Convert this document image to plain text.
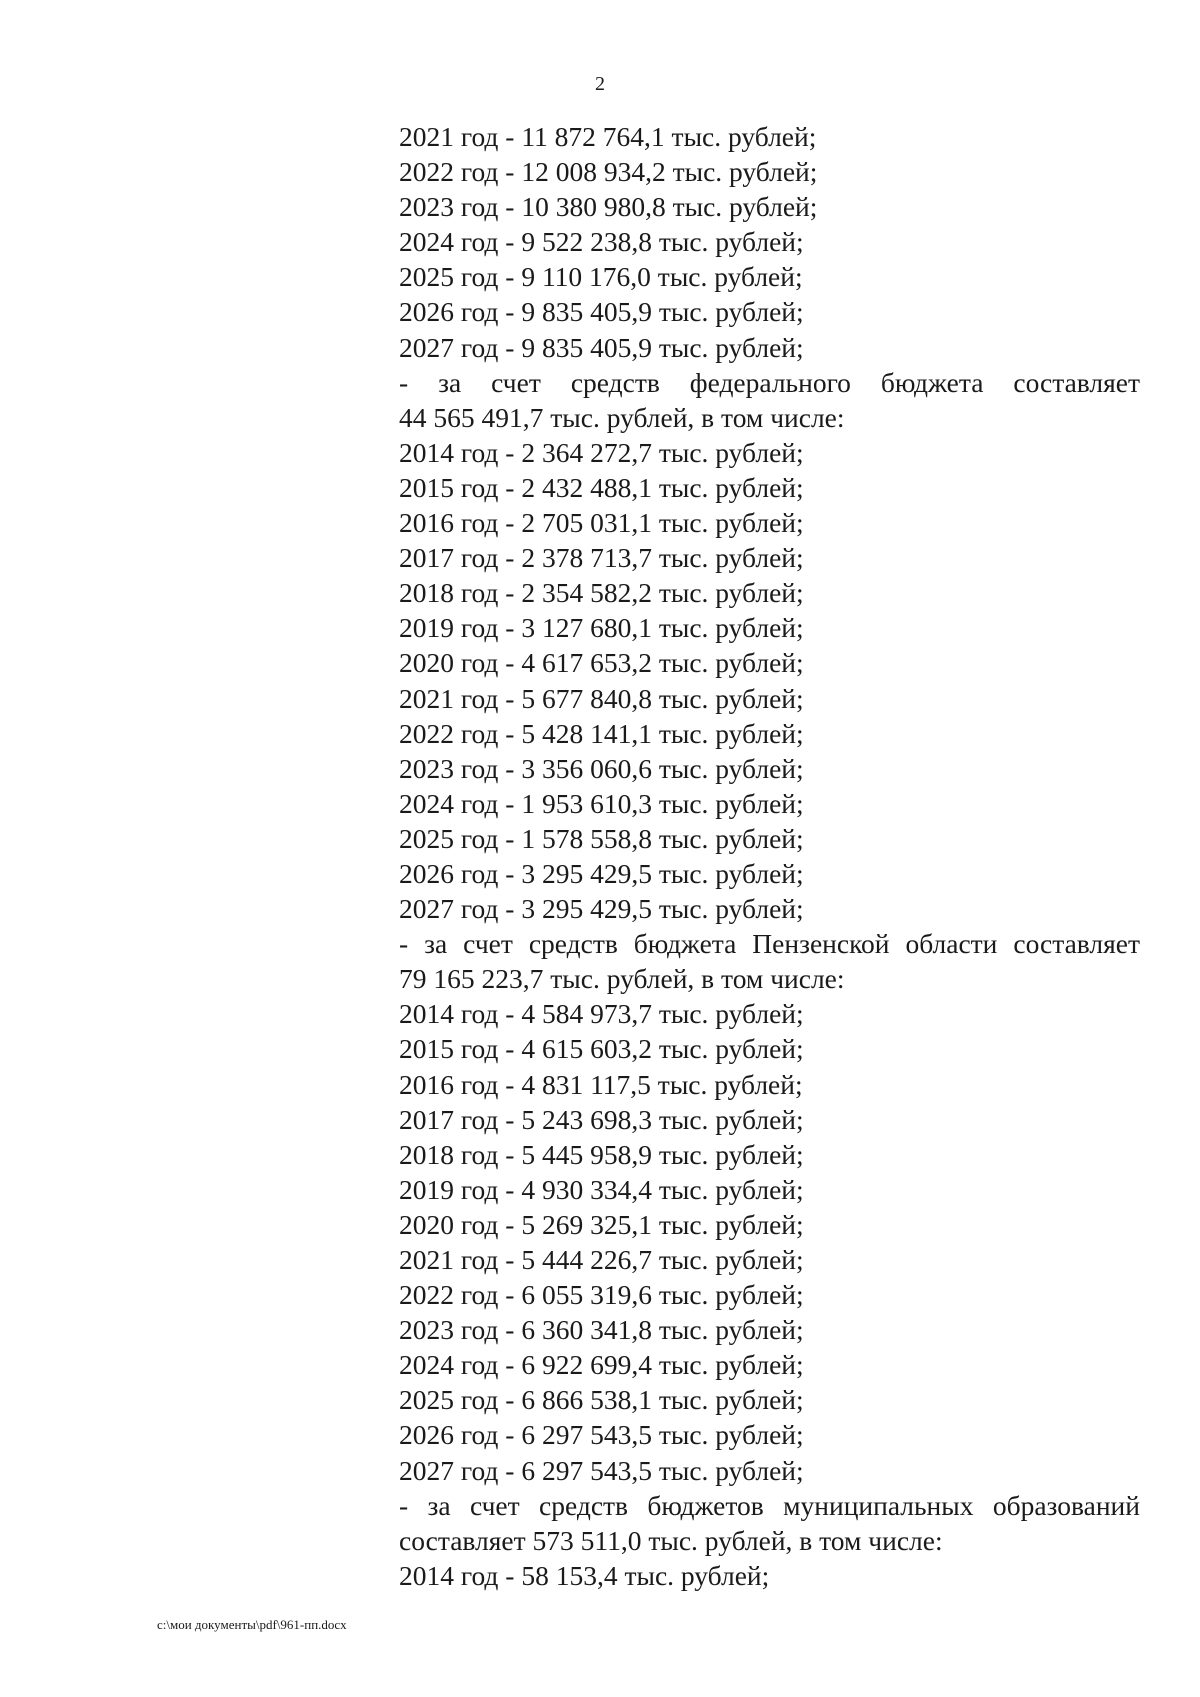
2
2021 год - 11 872 764,1 тыс. рублей;
2022 год - 12 008 934,2 тыс. рублей;
2023 год - 10 380 980,8 тыс. рублей;
2024 год - 9 522 238,8 тыс. рублей;
2025 год - 9 110 176,0 тыс. рублей;
2026 год - 9 835 405,9 тыс. рублей;
2027 год - 9 835 405,9 тыс. рублей;
- за счет средств федерального бюджета составляет
44 565 491,7 тыс. рублей, в том числе:
2014 год - 2 364 272,7 тыс. рублей;
2015 год - 2 432 488,1 тыс. рублей;
2016 год - 2 705 031,1 тыс. рублей;
2017 год - 2 378 713,7 тыс. рублей;
2018 год - 2 354 582,2 тыс. рублей;
2019 год - 3 127 680,1 тыс. рублей;
2020 год - 4 617 653,2 тыс. рублей;
2021 год - 5 677 840,8 тыс. рублей;
2022 год - 5 428 141,1 тыс. рублей;
2023 год - 3 356 060,6 тыс. рублей;
2024 год - 1 953 610,3 тыс. рублей;
2025 год - 1 578 558,8 тыс. рублей;
2026 год - 3 295 429,5 тыс. рублей;
2027 год - 3 295 429,5 тыс. рублей;
- за счет средств бюджета Пензенской области составляет
79 165 223,7 тыс. рублей, в том числе:
2014 год - 4 584 973,7 тыс. рублей;
2015 год - 4 615 603,2 тыс. рублей;
2016 год - 4 831 117,5 тыс. рублей;
2017 год - 5 243 698,3 тыс. рублей;
2018 год - 5 445 958,9 тыс. рублей;
2019 год - 4 930 334,4 тыс. рублей;
2020 год - 5 269 325,1 тыс. рублей;
2021 год - 5 444 226,7 тыс. рублей;
2022 год - 6 055 319,6 тыс. рублей;
2023 год - 6 360 341,8 тыс. рублей;
2024 год - 6 922 699,4 тыс. рублей;
2025 год - 6 866 538,1 тыс. рублей;
2026 год - 6 297 543,5 тыс. рублей;
2027 год - 6 297 543,5 тыс. рублей;
- за счет средств бюджетов муниципальных образований
составляет 573 511,0 тыс. рублей, в том числе:
2014 год - 58 153,4 тыс. рублей;
c:\мои документы\pdf\961-пп.docx
